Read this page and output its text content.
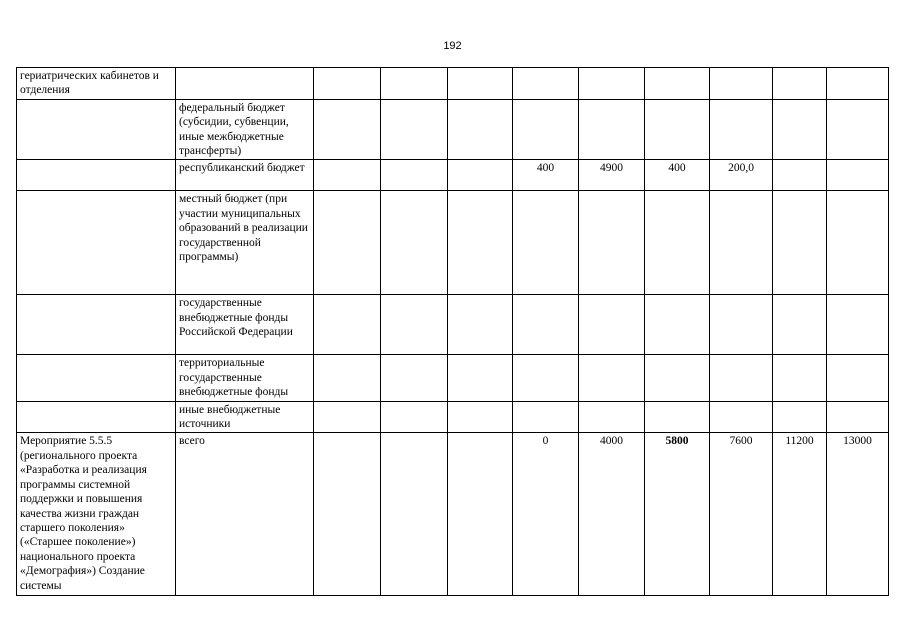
192
гериатрических кабинетов и отделения										
	федеральный бюджет (субсидии, субвенции, иные межбюджетные трансферты)									
	республиканский бюджет				400	4900	400	200,0		
	местный бюджет (при участии муниципальных образований в реализации государственной программы)									
	государственные внебюджетные фонды Российской Федерации									
	территориальные государственные внебюджетные фонды									
	иные внебюджетные источники									
Мероприятие 5.5.5 (регионального проекта «Разработка и реализация программы системной поддержки и повышения качества жизни граждан старшего поколения» («Старшее поколение») национального проекта «Демография») Создание системы	всего				0	4000	5800	7600	11200	13000
